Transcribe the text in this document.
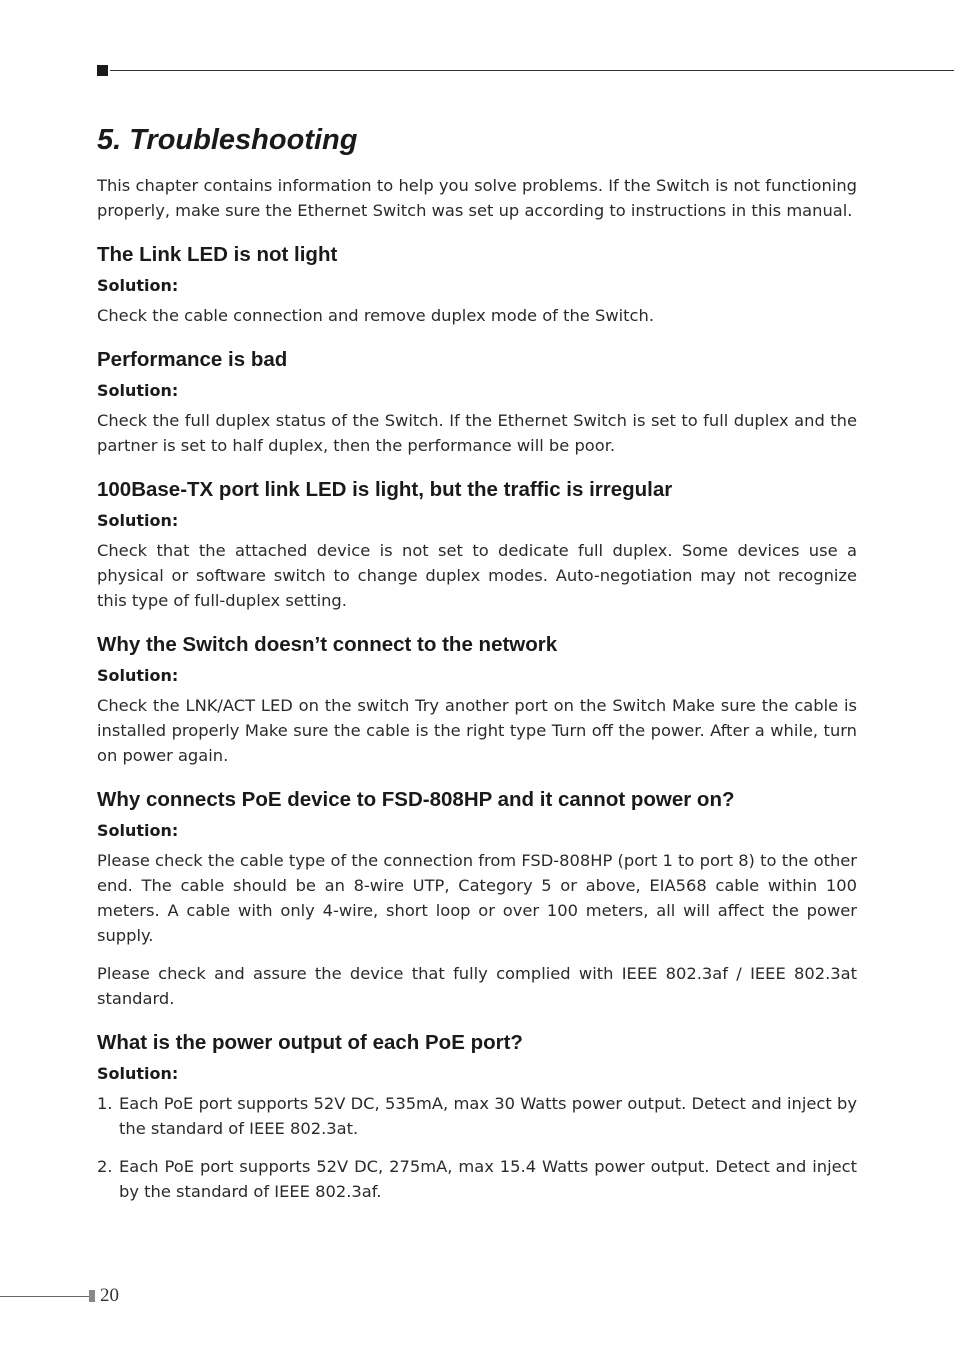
5. Troubleshooting

This chapter contains information to help you solve problems. If the Switch is not functioning properly, make sure the Ethernet Switch was set up according to instructions in this manual.

The Link LED is not light
Solution:

Check the cable connection and remove duplex mode of the Switch.

Performance is bad
Solution:

Check the full duplex status of the Switch. If the Ethernet Switch is set to full duplex and the partner is set to half duplex, then the performance will be poor.

100Base-TX port link LED is light, but the traffic is irregular
Solution:

Check that the attached device is not set to dedicate full duplex. Some devices use a physical or software switch to change duplex modes. Auto-negotiation may not recognize this type of full-duplex setting.

Why the Switch doesn’t connect to the network
Solution:

Check the LNK/ACT LED on the switch Try another port on the Switch Make sure the cable is installed properly Make sure the cable is the right type Turn off the power. After a while, turn on power again.

Why connects PoE device to FSD-808HP and it cannot power on?
Solution:

Please check the cable type of the connection from FSD-808HP (port 1 to port 8) to the other end. The cable should be an 8-wire UTP, Category 5 or above, EIA568 cable within 100 meters. A cable with only 4-wire, short loop or over 100 meters, all will affect the power supply.

Please check and assure the device that fully complied with IEEE 802.3af / IEEE 802.3at standard.

What is the power output of each PoE port?
Solution:
1. Each PoE port supports 52V DC, 535mA, max 30 Watts power output. Detect and inject by the standard of IEEE 802.3at.
2. Each PoE port supports 52V DC, 275mA, max 15.4 Watts power output. Detect and inject by the standard of IEEE 802.3af.
20
